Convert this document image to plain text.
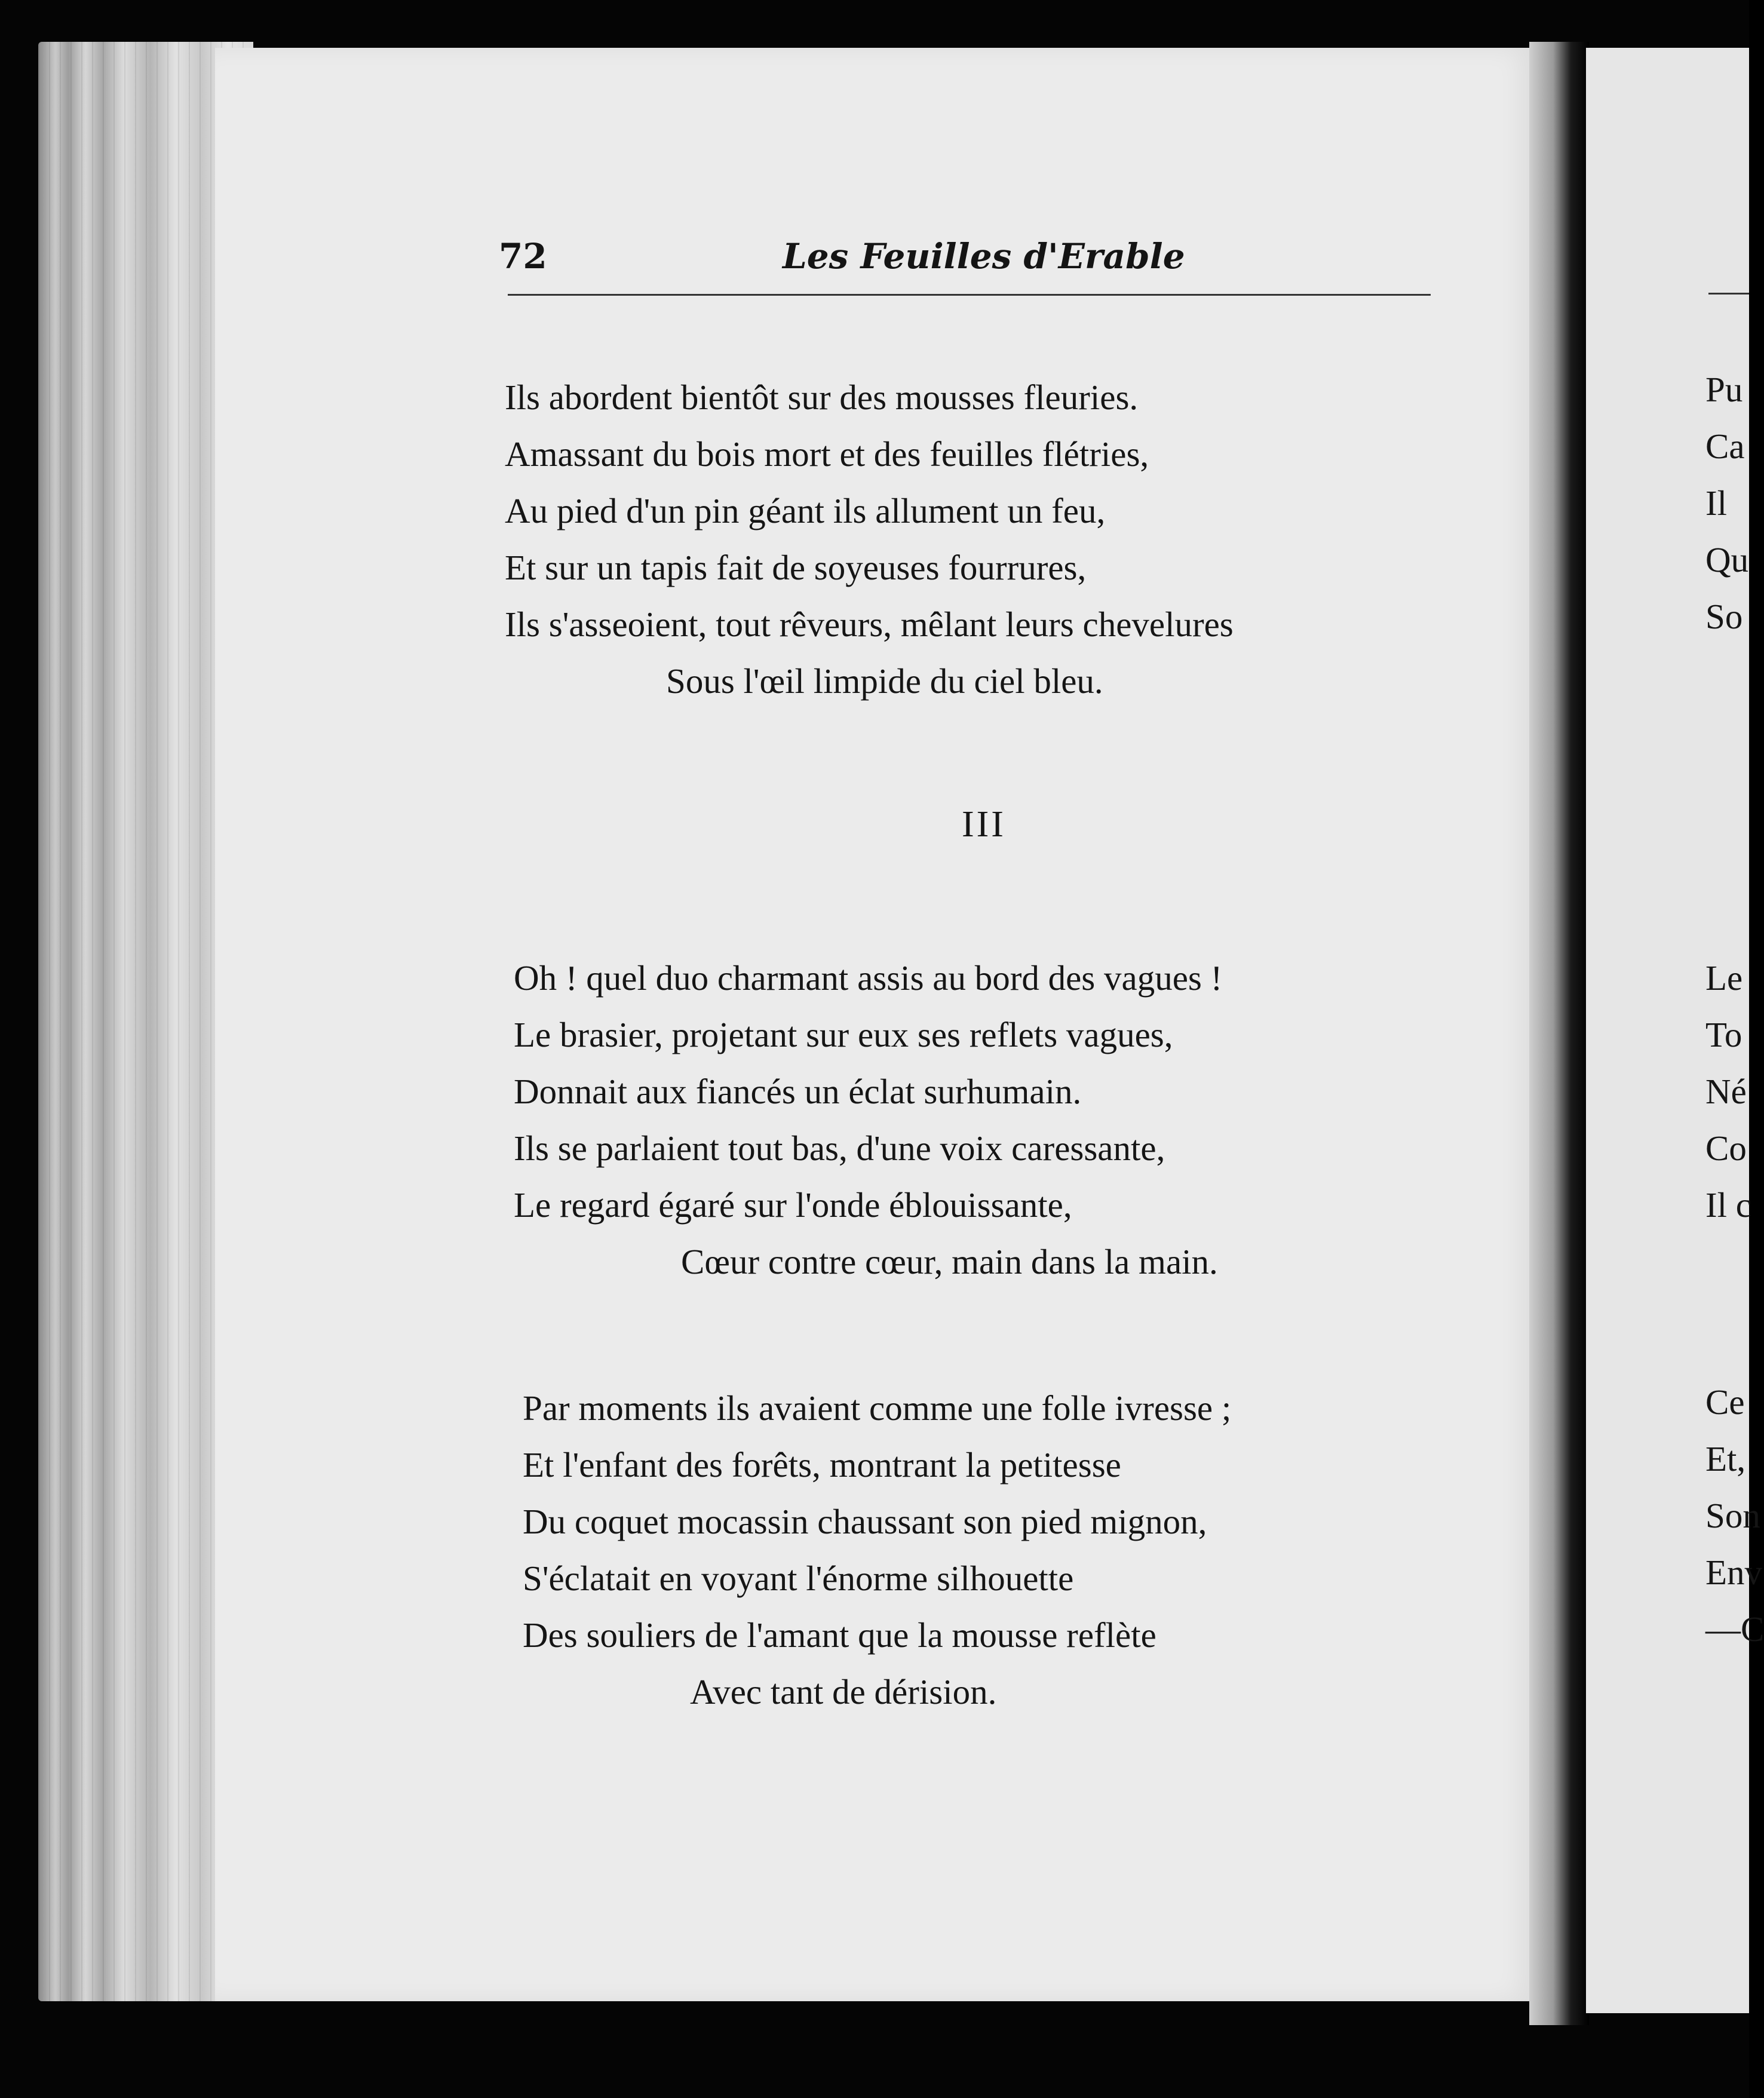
72	Les Feuilles d'Erable
Ils abordent bientôt sur des mousses fleuries.
Amassant du bois mort et des feuilles flétries,
Au pied d'un pin géant ils allument un feu,
Et sur un tapis fait de soyeuses fourrures,
Ils s'asseoient, tout rêveurs, mêlant leurs chevelures
Sous l'œil limpide du ciel bleu.
III
Oh ! quel duo charmant assis au bord des vagues !
Le brasier, projetant sur eux ses reflets vagues,
Donnait aux fiancés un éclat surhumain.
Ils se parlaient tout bas, d'une voix caressante,
Le regard égaré sur l'onde éblouissante,
Cœur contre cœur, main dans la main.
Par moments ils avaient comme une folle ivresse ;
Et l'enfant des forêts, montrant la petitesse
Du coquet mocassin chaussant son pied mignon,
S'éclatait en voyant l'énorme silhouette
Des souliers de l'amant que la mousse reflète
Avec tant de dérision.
Pu
Ca
Il
Qu
So
Le
To
Né
Co
Il c
Ce
Et,
Son
Env
—C
